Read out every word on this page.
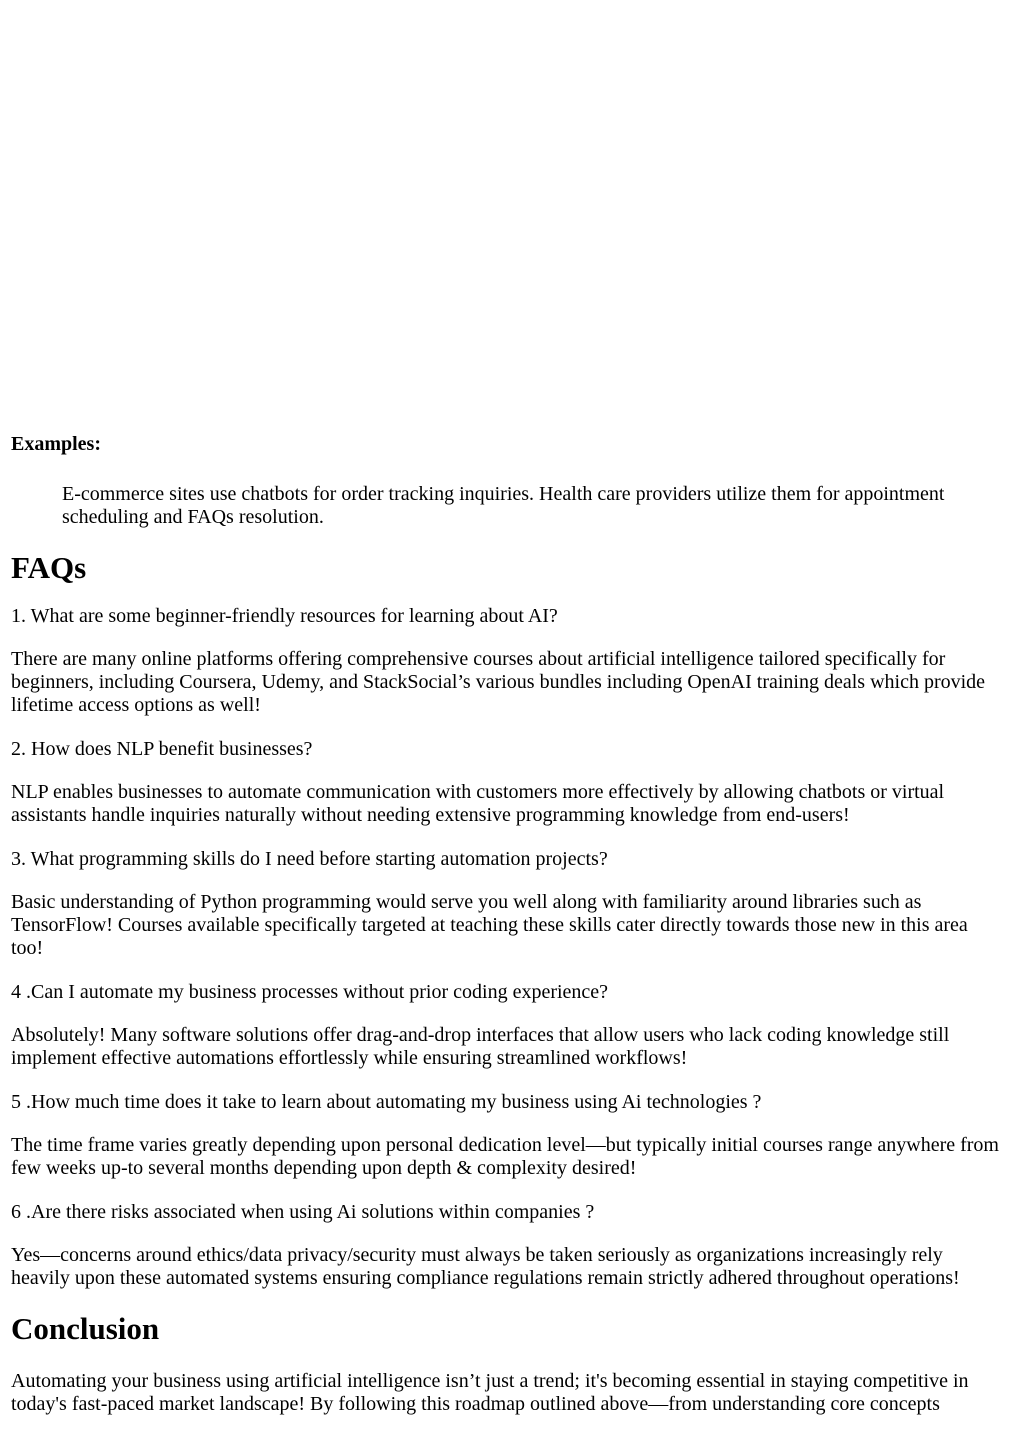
Examples:

E-commerce sites use chatbots for order tracking inquiries. Health care providers utilize them for appointment scheduling and FAQs resolution.

FAQs

1. What are some beginner-friendly resources for learning about AI?

There are many online platforms offering comprehensive courses about artificial intelligence tailored specifically for beginners, including Coursera, Udemy, and StackSocial’s various bundles including OpenAI training deals which provide lifetime access options as well!

2. How does NLP benefit businesses?

NLP enables businesses to automate communication with customers more effectively by allowing chatbots or virtual assistants handle inquiries naturally without needing extensive programming knowledge from end-users!

3. What programming skills do I need before starting automation projects?

Basic understanding of Python programming would serve you well along with familiarity around libraries such as TensorFlow! Courses available specifically targeted at teaching these skills cater directly towards those new in this area too!

4 .Can I automate my business processes without prior coding experience?

Absolutely! Many software solutions offer drag-and-drop interfaces that allow users who lack coding knowledge still implement effective automations effortlessly while ensuring streamlined workflows!

5 .How much time does it take to learn about automating my business using Ai technologies ?

The time frame varies greatly depending upon personal dedication level—but typically initial courses range anywhere from few weeks up-to several months depending upon depth & complexity desired!

6 .Are there risks associated when using Ai solutions within companies ?

Yes—concerns around ethics/data privacy/security must always be taken seriously as organizations increasingly rely heavily upon these automated systems ensuring compliance regulations remain strictly adhered throughout operations!

Conclusion

Automating your business using artificial intelligence isn’t just a trend; it's becoming essential in staying competitive in today's fast-paced market landscape! By following this roadmap outlined above—from understanding core concepts
